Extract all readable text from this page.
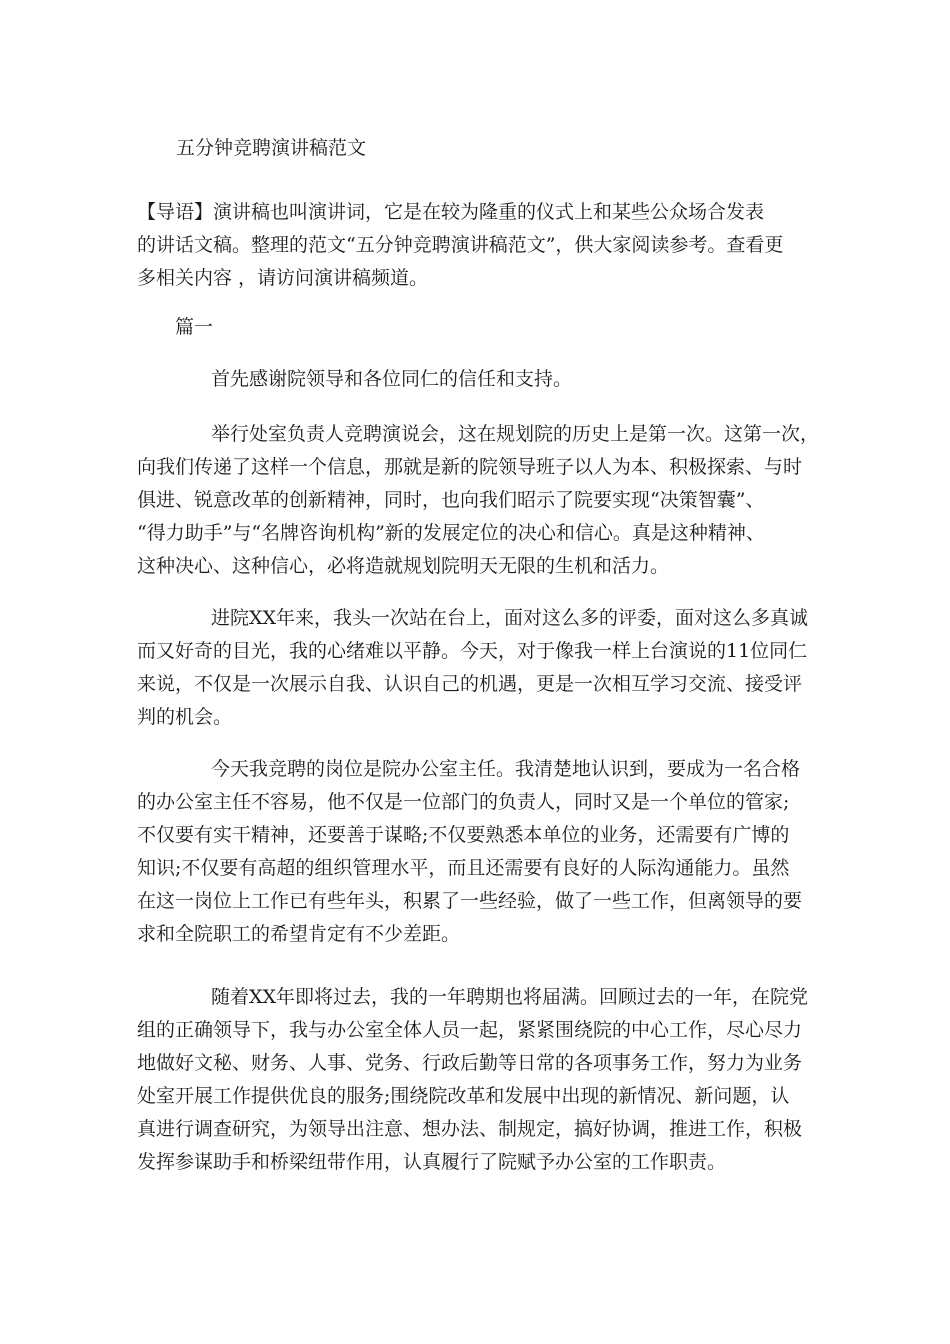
五分钟竞聘演讲稿范文
【导语】演讲稿也叫演讲词，它是在较为隆重的仪式上和某些公众场合发表
的讲话文稿。整理的范文“五分钟竞聘演讲稿范文”，供大家阅读参考。查看更
多相关内容 ，请访问演讲稿频道。
篇一
首先感谢院领导和各位同仁的信任和支持。
举行处室负责人竞聘演说会，这在规划院的历史上是第一次。这第一次，
向我们传递了这样一个信息，那就是新的院领导班子以人为本、积极探索、与时
俱进、锐意改革的创新精神，同时，也向我们昭示了院要实现“决策智囊”、
“得力助手”与“名牌咨询机构”新的发展定位的决心和信心。真是这种精神、
这种决心、这种信心，必将造就规划院明天无限的生机和活力。
进院XX年来，我头一次站在台上，面对这么多的评委，面对这么多真诚
而又好奇的目光，我的心绪难以平静。今天，对于像我一样上台演说的11位同仁
来说，不仅是一次展示自我、认识自己的机遇，更是一次相互学习交流、接受评
判的机会。
今天我竞聘的岗位是院办公室主任。我清楚地认识到，要成为一名合格
的办公室主任不容易，他不仅是一位部门的负责人，同时又是一个单位的管家;
不仅要有实干精神，还要善于谋略;不仅要熟悉本单位的业务，还需要有广博的
知识;不仅要有高超的组织管理水平，而且还需要有良好的人际沟通能力。虽然
在这一岗位上工作已有些年头，积累了一些经验，做了一些工作，但离领导的要
求和全院职工的希望肯定有不少差距。
随着XX年即将过去，我的一年聘期也将届满。回顾过去的一年，在院党
组的正确领导下，我与办公室全体人员一起，紧紧围绕院的中心工作，尽心尽力
地做好文秘、财务、人事、党务、行政后勤等日常的各项事务工作，努力为业务
处室开展工作提供优良的服务;围绕院改革和发展中出现的新情况、新问题，认
真进行调查研究，为领导出注意、想办法、制规定，搞好协调，推进工作，积极
发挥参谋助手和桥梁纽带作用，认真履行了院赋予办公室的工作职责。
